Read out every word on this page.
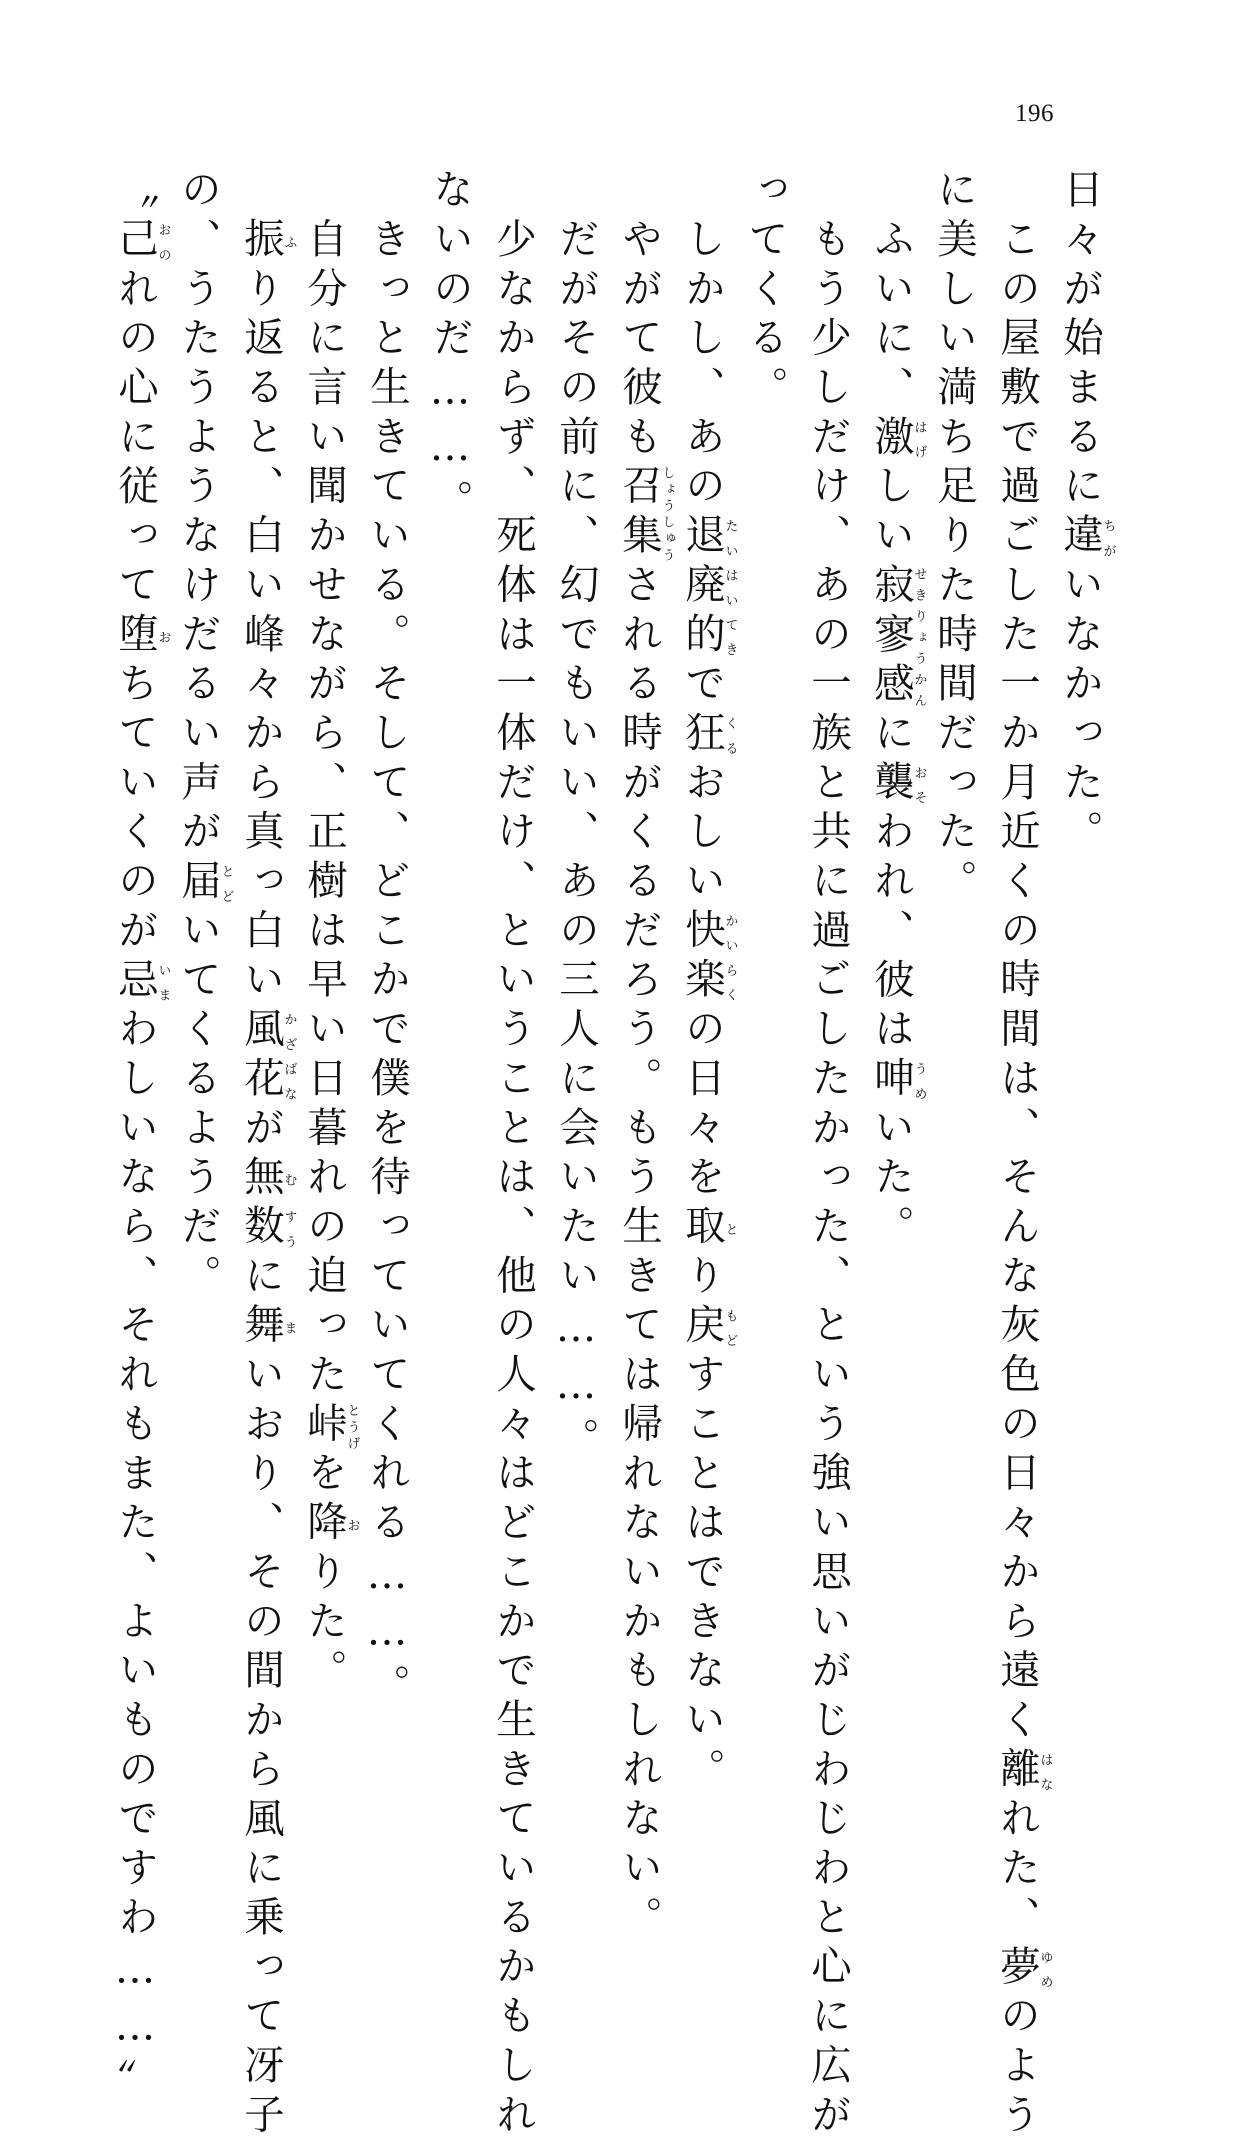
196
日々が始まるに違ちがいなかった。
　この屋敷で過ごした一か月近くの時間は、そんな灰色の日々から遠く離はなれた、夢ゆめのよう
に美しい満ち足りた時間だった。
　ふいに、激はげしい寂寥感せきりょうかんに襲おそわれ、彼は呻うめいた。
　もう少しだけ、あの一族と共に過ごしたかった、という強い思いがじわじわと心に広が
ってくる。
　しかし、あの退廃的たいはいてきで狂くるおしい快楽かいらくの日々を取とり戻もどすことはできない。
　やがて彼も召集しょうしゅうされる時がくるだろう。もう生きては帰れないかもしれない。
　だがその前に、幻でもいい、あの三人に会いたい……。
　少なからず、死体は一体だけ、ということは、他の人々はどこかで生きているかもしれ
ないのだ……。
　きっと生きている。そして、どこかで僕を待っていてくれる……。
　自分に言い聞かせながら、正樹は早い日暮れの迫った峠とうげを降おりた。
　振ふり返ると、白い峰々から真っ白い風花かざばなが無む数すうに舞まいおり、その間から風に乗って冴子
の、うたうようなけだるい声が届とどいてくるようだ。
〝己おのれの心に従って堕おちていくのが忌いまわしいなら、それもまた、よいものですわ……〟
